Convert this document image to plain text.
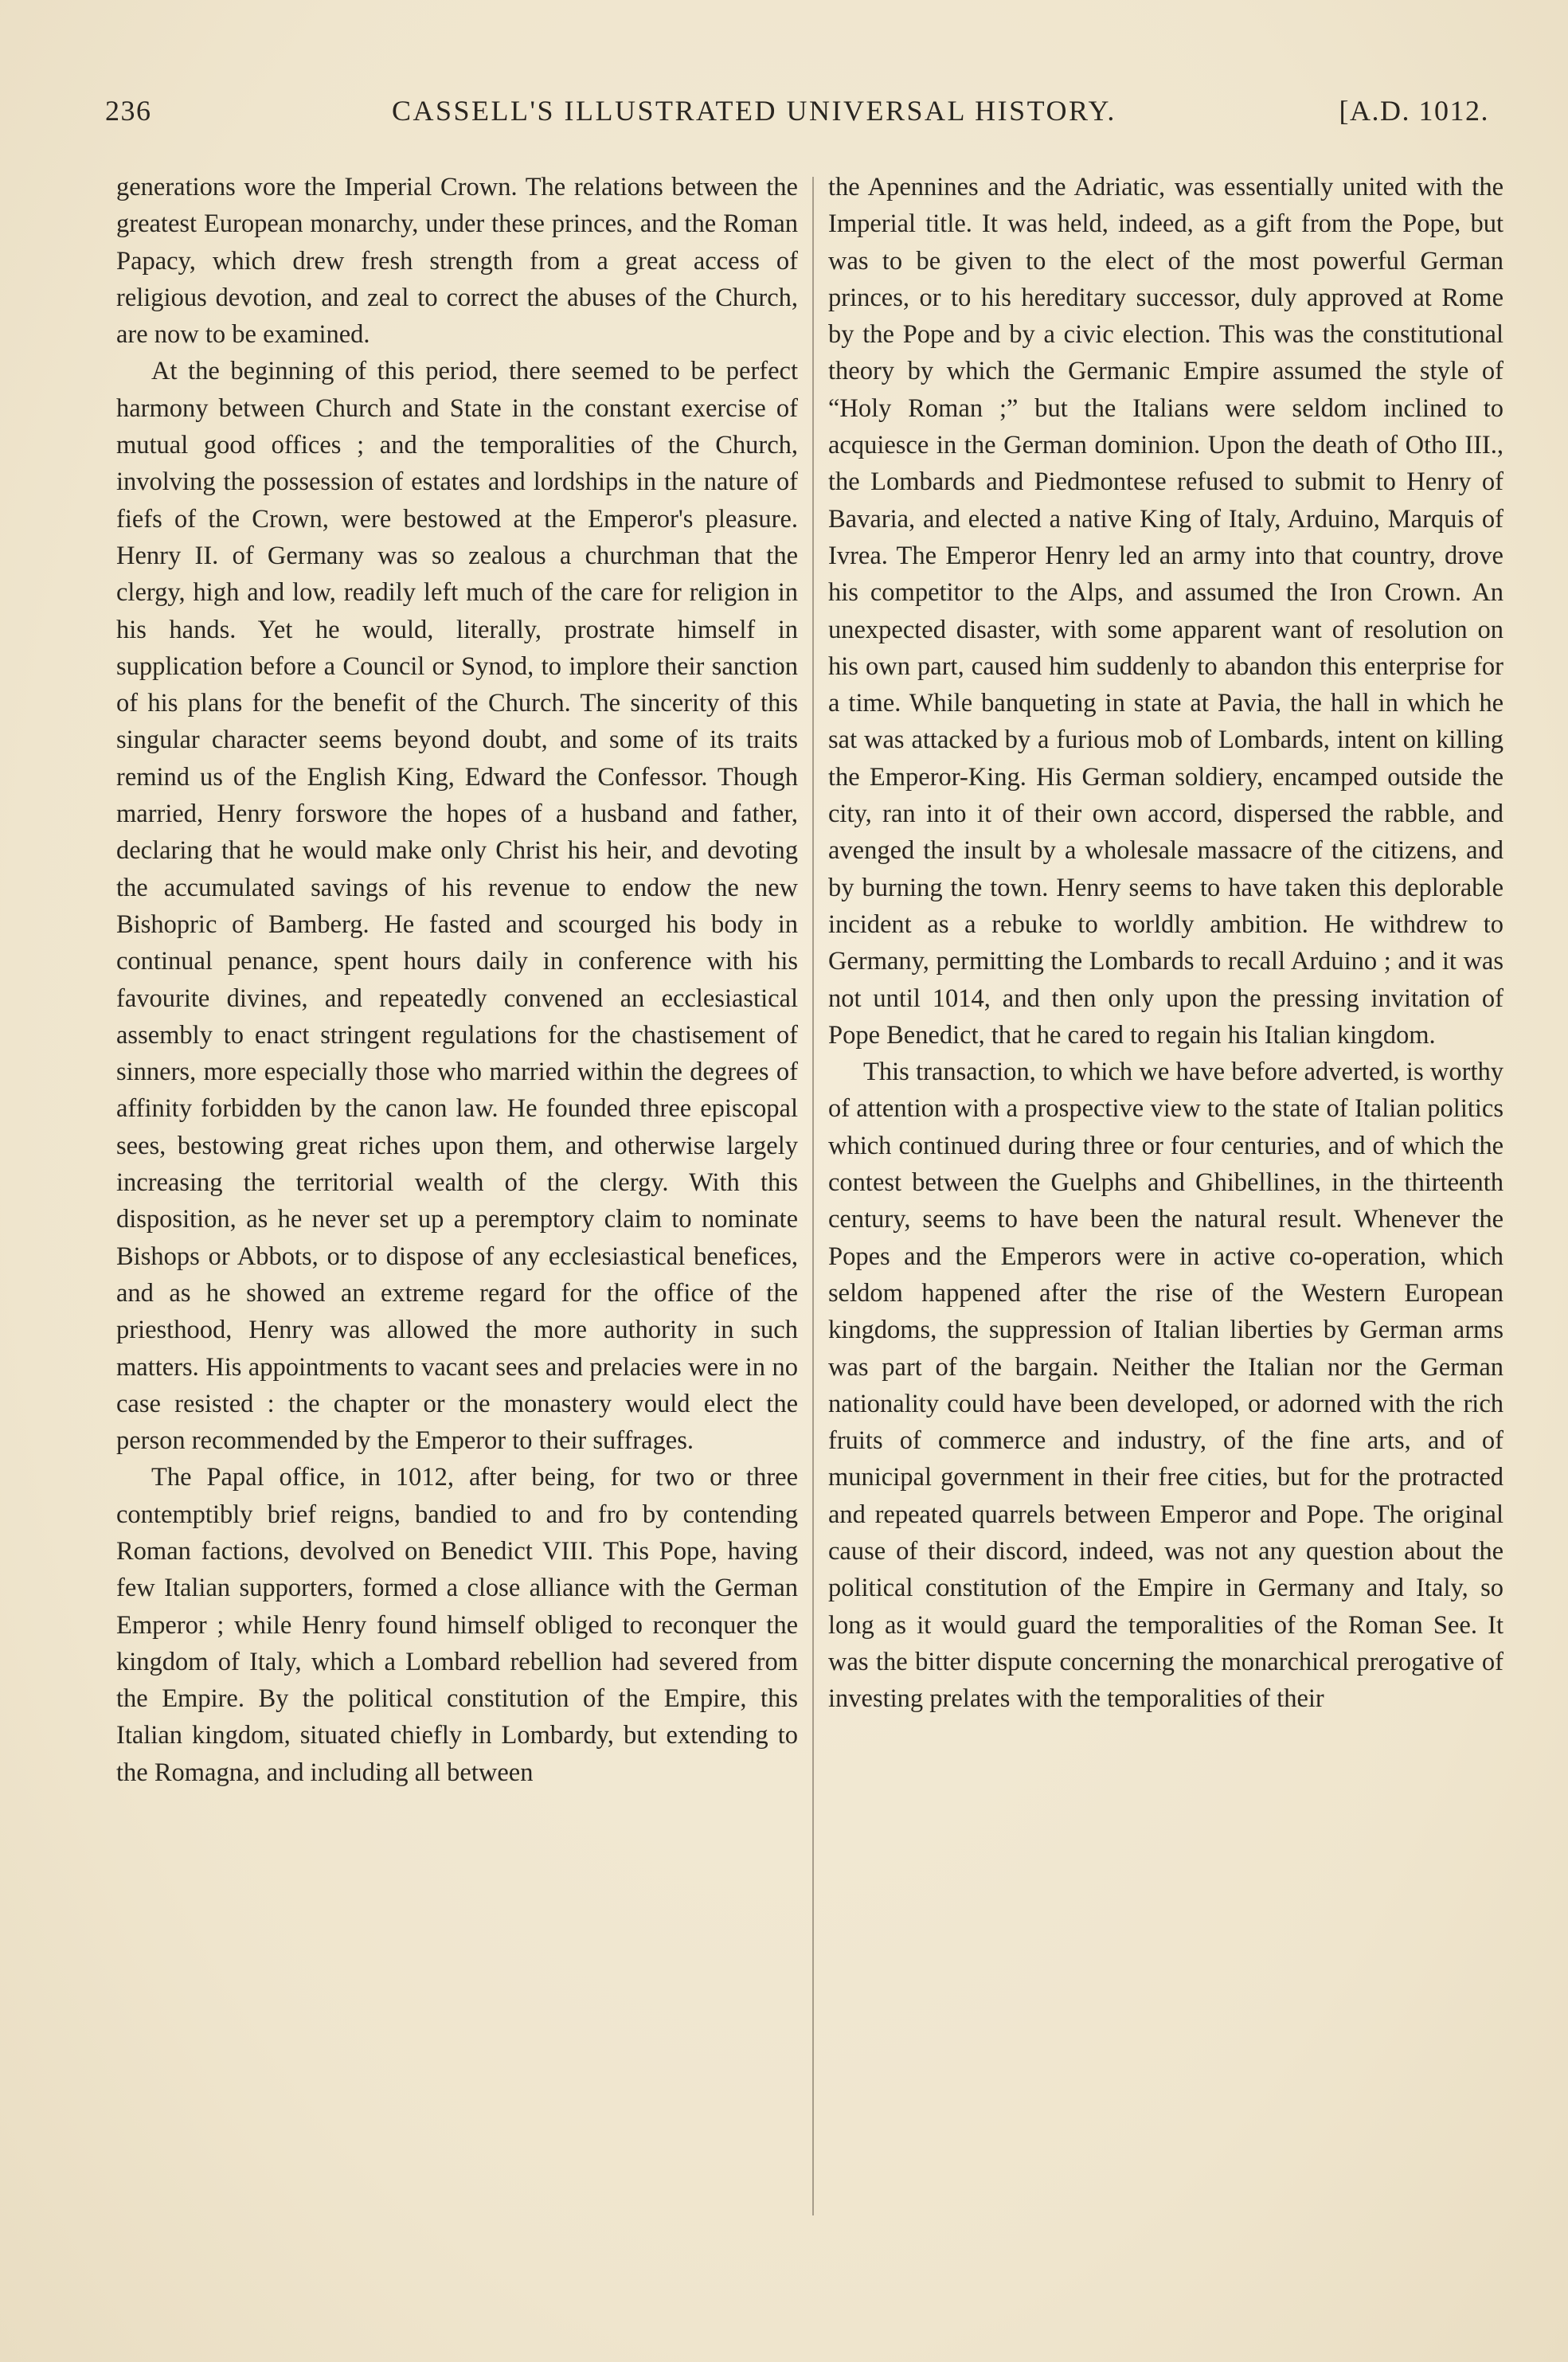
236	CASSELL'S ILLUSTRATED UNIVERSAL HISTORY.	[A.D. 1012.

generations wore the Imperial Crown. The relations between the greatest European monarchy, under these princes, and the Roman Papacy, which drew fresh strength from a great access of religious devotion, and zeal to correct the abuses of the Church, are now to be examined.

At the beginning of this period, there seemed to be perfect harmony between Church and State in the constant exercise of mutual good offices ; and the temporalities of the Church, involving the possession of estates and lordships in the nature of fiefs of the Crown, were bestowed at the Emperor's pleasure. Henry II. of Germany was so zealous a churchman that the clergy, high and low, readily left much of the care for religion in his hands. Yet he would, literally, prostrate himself in supplication before a Council or Synod, to implore their sanction of his plans for the benefit of the Church. The sincerity of this singular character seems beyond doubt, and some of its traits remind us of the English King, Edward the Confessor. Though married, Henry forswore the hopes of a husband and father, declaring that he would make only Christ his heir, and devoting the accumulated savings of his revenue to endow the new Bishopric of Bamberg. He fasted and scourged his body in continual penance, spent hours daily in conference with his favourite divines, and repeatedly convened an ecclesiastical assembly to enact stringent regulations for the chastisement of sinners, more especially those who married within the degrees of affinity forbidden by the canon law. He founded three episcopal sees, bestowing great riches upon them, and otherwise largely increasing the territorial wealth of the clergy. With this disposition, as he never set up a peremptory claim to nominate Bishops or Abbots, or to dispose of any ecclesiastical benefices, and as he showed an extreme regard for the office of the priesthood, Henry was allowed the more authority in such matters. His appointments to vacant sees and prelacies were in no case resisted : the chapter or the monastery would elect the person recommended by the Emperor to their suffrages.

The Papal office, in 1012, after being, for two or three contemptibly brief reigns, bandied to and fro by contending Roman factions, devolved on Benedict VIII. This Pope, having few Italian supporters, formed a close alliance with the German Emperor ; while Henry found himself obliged to reconquer the kingdom of Italy, which a Lombard rebellion had severed from the Empire. By the political constitution of the Empire, this Italian kingdom, situated chiefly in Lombardy, but extending to the Romagna, and including all between

the Apennines and the Adriatic, was essentially united with the Imperial title. It was held, indeed, as a gift from the Pope, but was to be given to the elect of the most powerful German princes, or to his hereditary successor, duly approved at Rome by the Pope and by a civic election. This was the constitutional theory by which the Germanic Empire assumed the style of “Holy Roman ;” but the Italians were seldom inclined to acquiesce in the German dominion. Upon the death of Otho III., the Lombards and Piedmontese refused to submit to Henry of Bavaria, and elected a native King of Italy, Arduino, Marquis of Ivrea. The Emperor Henry led an army into that country, drove his competitor to the Alps, and assumed the Iron Crown. An unexpected disaster, with some apparent want of resolution on his own part, caused him suddenly to abandon this enterprise for a time. While banqueting in state at Pavia, the hall in which he sat was attacked by a furious mob of Lombards, intent on killing the Emperor-King. His German soldiery, encamped outside the city, ran into it of their own accord, dispersed the rabble, and avenged the insult by a wholesale massacre of the citizens, and by burning the town. Henry seems to have taken this deplorable incident as a rebuke to worldly ambition. He withdrew to Germany, permitting the Lombards to recall Arduino ; and it was not until 1014, and then only upon the pressing invitation of Pope Benedict, that he cared to regain his Italian kingdom.

This transaction, to which we have before adverted, is worthy of attention with a prospective view to the state of Italian politics which continued during three or four centuries, and of which the contest between the Guelphs and Ghibellines, in the thirteenth century, seems to have been the natural result. Whenever the Popes and the Emperors were in active co-operation, which seldom happened after the rise of the Western European kingdoms, the suppression of Italian liberties by German arms was part of the bargain. Neither the Italian nor the German nationality could have been developed, or adorned with the rich fruits of commerce and industry, of the fine arts, and of municipal government in their free cities, but for the protracted and repeated quarrels between Emperor and Pope. The original cause of their discord, indeed, was not any question about the political constitution of the Empire in Germany and Italy, so long as it would guard the temporalities of the Roman See. It was the bitter dispute concerning the monarchical prerogative of investing prelates with the temporalities of their
